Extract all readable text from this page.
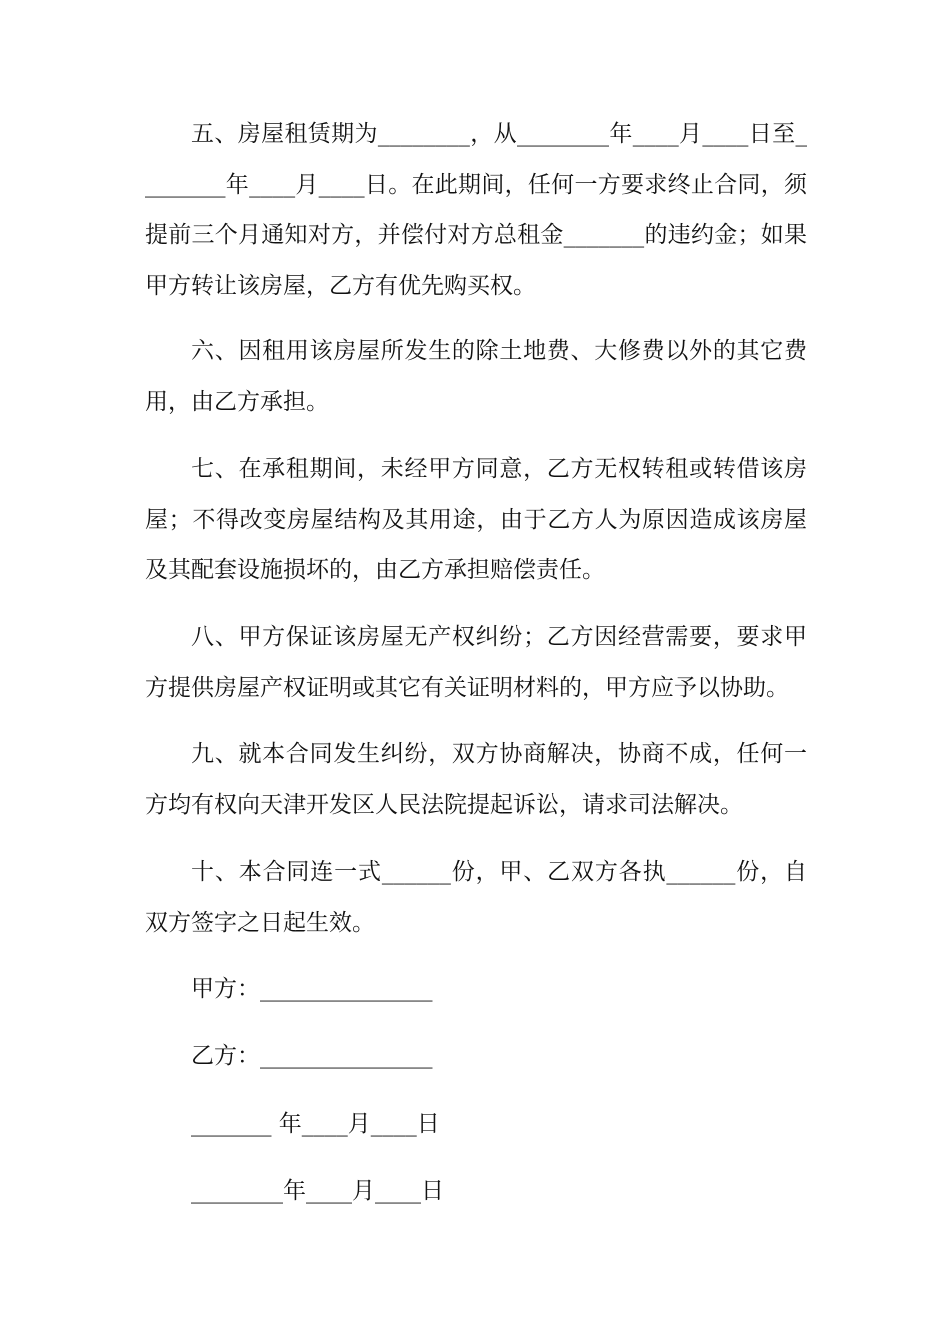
五、房屋租赁期为________，从________年____月____日至________年____月____日。在此期间，任何一方要求终止合同，须提前三个月通知对方，并偿付对方总租金_______的违约金；如果甲方转让该房屋，乙方有优先购买权。

六、因租用该房屋所发生的除土地费、大修费以外的其它费用，由乙方承担。

七、在承租期间，未经甲方同意，乙方无权转租或转借该房屋；不得改变房屋结构及其用途，由于乙方人为原因造成该房屋及其配套设施损坏的，由乙方承担赔偿责任。

八、甲方保证该房屋无产权纠纷；乙方因经营需要，要求甲方提供房屋产权证明或其它有关证明材料的，甲方应予以协助。

九、就本合同发生纠纷，双方协商解决，协商不成，任何一方均有权向天津开发区人民法院提起诉讼，请求司法解决。

十、本合同连一式______份，甲、乙双方各执______份，自双方签字之日起生效。

甲方：_______________

乙方：_______________

_______ 年____月____日

________年____月____日
